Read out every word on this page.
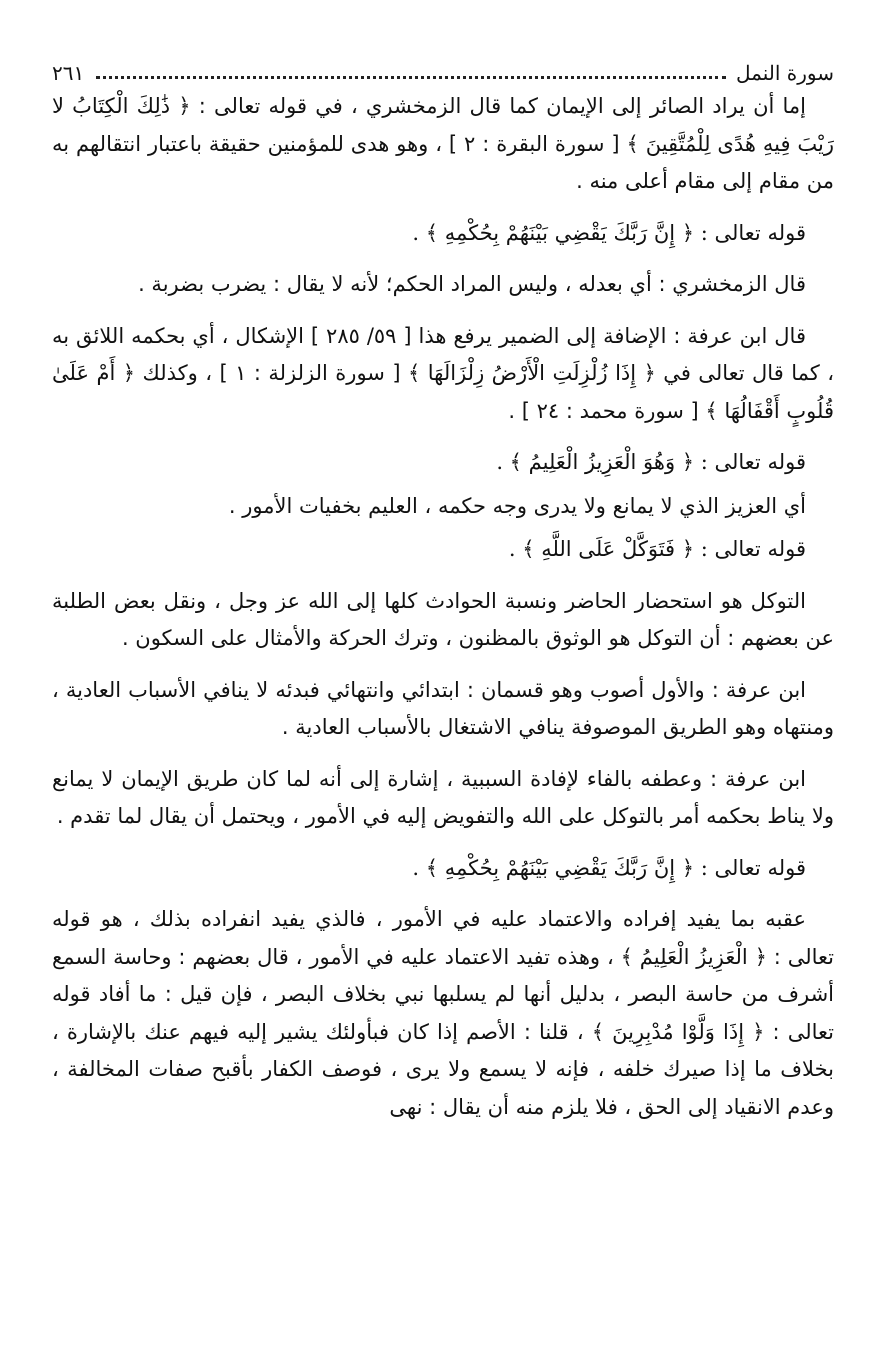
سورة النمل
٢٦١

إما أن يراد الصائر إلى الإيمان كما قال الزمخشري ، في قوله تعالى : ﴿ ذَٰلِكَ الْكِتَابُ لا رَيْبَ فِيهِ هُدًى لِلْمُتَّقِينَ ﴾ [ سورة البقرة : ٢ ] ، وهو هدى للمؤمنين حقيقة باعتبار انتقالهم به من مقام إلى مقام أعلى منه .

قوله تعالى : ﴿ إِنَّ رَبَّكَ يَقْضِي بَيْنَهُمْ بِحُكْمِهِ ﴾ .

قال الزمخشري : أي بعدله ، وليس المراد الحكم؛ لأنه لا يقال : يضرب بضربة .

قال ابن عرفة : الإضافة إلى الضمير يرفع هذا [ ٥٩/ ٢٨٥ ] الإشكال ، أي بحكمه اللائق به ، كما قال تعالى في ﴿ إِذَا زُلْزِلَتِ الْأَرْضُ زِلْزَالَهَا ﴾ [ سورة الزلزلة : ١ ] ، وكذلك ﴿ أَمْ عَلَىٰ قُلُوبٍ أَقْفَالُهَا ﴾ [ سورة محمد : ٢٤ ] .

قوله تعالى : ﴿ وَهُوَ الْعَزِيزُ الْعَلِيمُ ﴾ .

أي العزيز الذي لا يمانع ولا يدرى وجه حكمه ، العليم بخفيات الأمور .

قوله تعالى : ﴿ فَتَوَكَّلْ عَلَى اللَّهِ ﴾ .

التوكل هو استحضار الحاضر ونسبة الحوادث كلها إلى الله عز وجل ، ونقل بعض الطلبة عن بعضهم : أن التوكل هو الوثوق بالمظنون ، وترك الحركة والأمثال على السكون .

ابن عرفة : والأول أصوب وهو قسمان : ابتدائي وانتهائي فبدئه لا ينافي الأسباب العادية ، ومنتهاه وهو الطريق الموصوفة ينافي الاشتغال بالأسباب العادية .

ابن عرفة : وعطفه بالفاء لإفادة السببية ، إشارة إلى أنه لما كان طريق الإيمان لا يمانع ولا يناط بحكمه أمر بالتوكل على الله والتفويض إليه في الأمور ، ويحتمل أن يقال لما تقدم .

قوله تعالى : ﴿ إِنَّ رَبَّكَ يَقْضِي بَيْنَهُمْ بِحُكْمِهِ ﴾ .

عقبه بما يفيد إفراده والاعتماد عليه في الأمور ، فالذي يفيد انفراده بذلك ، هو قوله تعالى : ﴿ الْعَزِيزُ الْعَلِيمُ ﴾ ، وهذه تفيد الاعتماد عليه في الأمور ، قال بعضهم : وحاسة السمع أشرف من حاسة البصر ، بدليل أنها لم يسلبها نبي بخلاف البصر ، فإن قيل : ما أفاد قوله تعالى : ﴿ إِذَا وَلَّوْا مُدْبِرِينَ ﴾ ، قلنا : الأصم إذا كان فبأولئك يشير إليه فيهم عنك بالإشارة ، بخلاف ما إذا صيرك خلفه ، فإنه لا يسمع ولا يرى ، فوصف الكفار بأقبح صفات المخالفة ، وعدم الانقياد إلى الحق ، فلا يلزم منه أن يقال : نهى
